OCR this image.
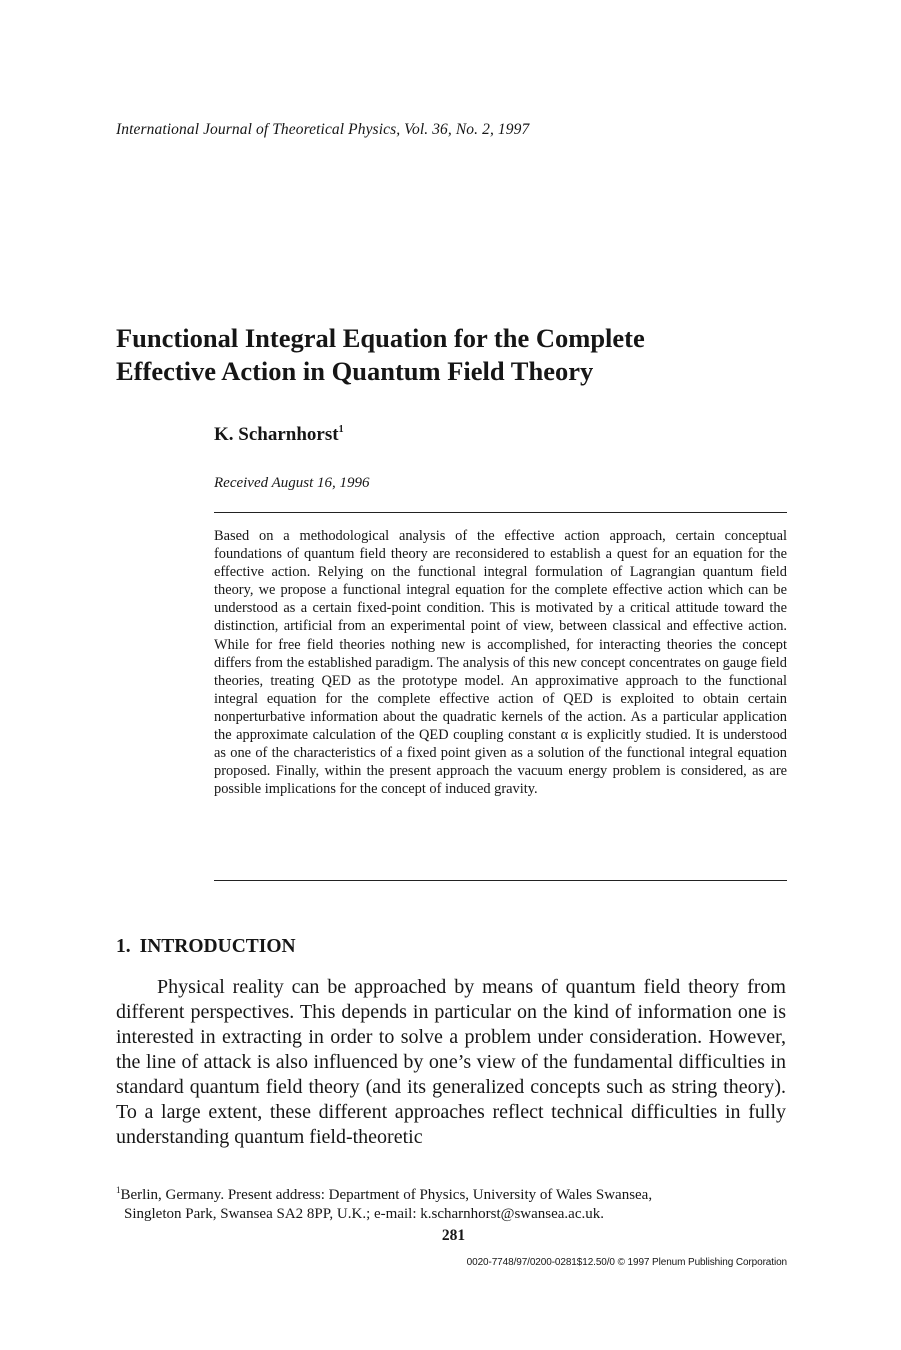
International Journal of Theoretical Physics, Vol. 36, No. 2, 1997
Functional Integral Equation for the Complete
Effective Action in Quantum Field Theory
K. Scharnhorst$^1$
Received August 16, 1996

Based on a methodological analysis of the effective action approach, certain conceptual foundations of quantum field theory are reconsidered to establish a quest for an equation for the effective action. Relying on the functional integral formulation of Lagrangian quantum field theory, we propose a functional integral equation for the complete effective action which can be understood as a certain fixed-point condition. This is motivated by a critical attitude toward the distinction, artificial from an experimental point of view, between classical and effective action. While for free field theories nothing new is accomplished, for interacting theories the concept differs from the established paradigm. The analysis of this new concept concentrates on gauge field theories, treating QED as the prototype model. An approximative approach to the functional integral equation for the complete effective action of QED is exploited to obtain certain nonperturbative information about the quadratic kernels of the action. As a particular application the approximate calculation of the QED coupling constant α is explicitly studied. It is understood as one of the characteristics of a fixed point given as a solution of the functional integral equation proposed. Finally, within the present approach the vacuum energy problem is considered, as are possible implications for the concept of induced gravity.

1. INTRODUCTION

Physical reality can be approached by means of quantum field theory from different perspectives. This depends in particular on the kind of information one is interested in extracting in order to solve a problem under consideration. However, the line of attack is also influenced by one’s view of the fundamental difficulties in standard quantum field theory (and its generalized concepts such as string theory). To a large extent, these different approaches reflect technical difficulties in fully understanding quantum field-theoretic

$^1$Berlin, Germany. Present address: Department of Physics, University of Wales Swansea,
Singleton Park, Swansea SA2 8PP, U.K.; e-mail: k.scharnhorst@swansea.ac.uk.

281
0020-7748/97/0200-0281$12.50/0 © 1997 Plenum Publishing Corporation
